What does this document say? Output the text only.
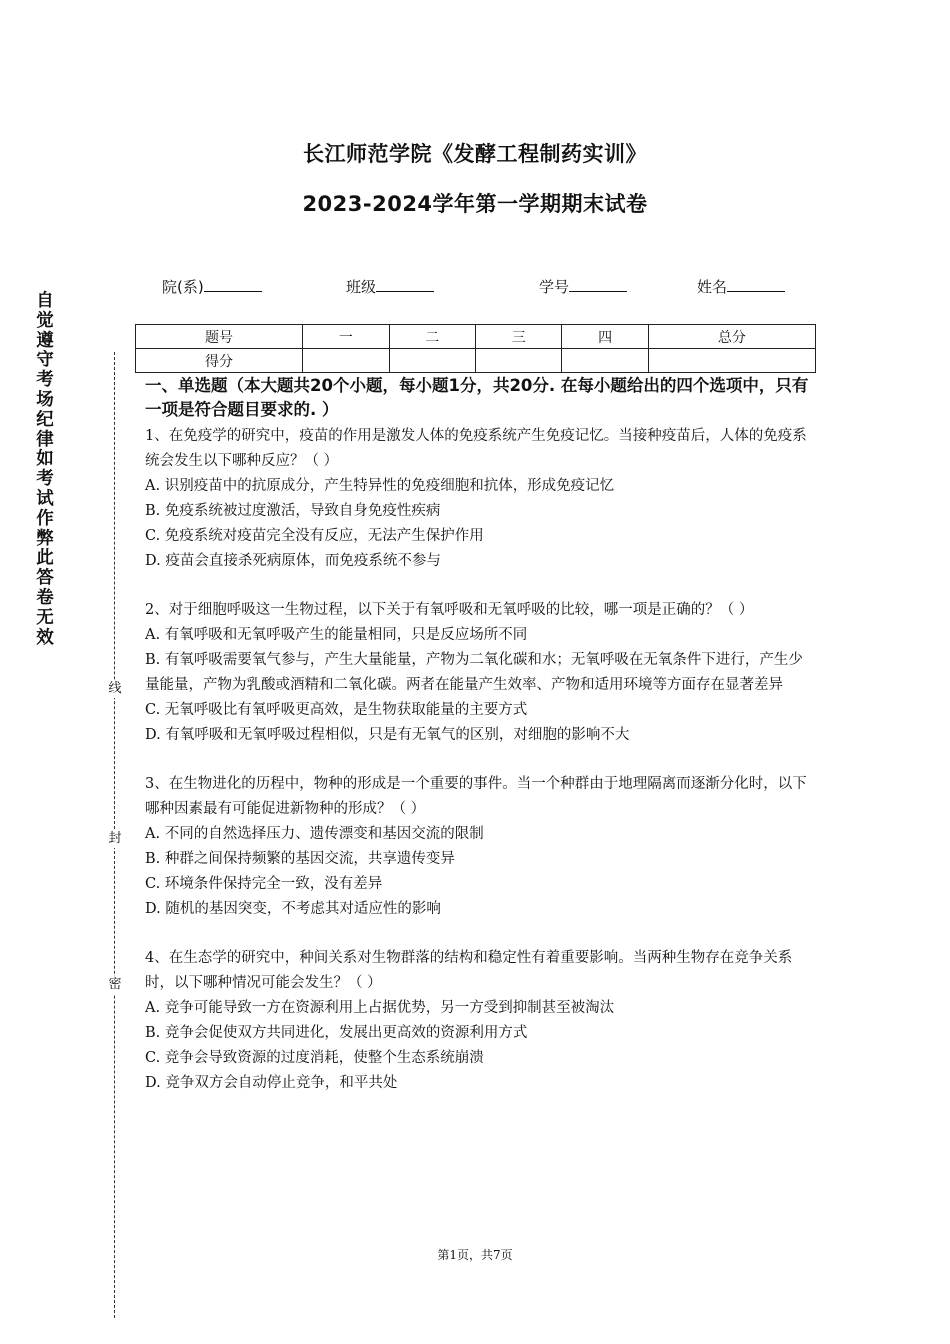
长江师范学院《发酵工程制药实训》
2023-2024学年第一学期期末试卷
院(系)	班级	学号	姓名
题号	一	二	三	四	总分
得分					
自觉遵守考场纪律如考试作弊此答卷无效
线
封
密

一、单选题（本大题共20个小题，每小题1分，共20分. 在每小题给出的四个选项中，只有一项是符合题目要求的. ）

1、在免疫学的研究中，疫苗的作用是激发人体的免疫系统产生免疫记忆。当接种疫苗后，人体的免疫系统会发生以下哪种反应？（ ）

A. 识别疫苗中的抗原成分，产生特异性的免疫细胞和抗体，形成免疫记忆

B. 免疫系统被过度激活，导致自身免疫性疾病

C. 免疫系统对疫苗完全没有反应，无法产生保护作用

D. 疫苗会直接杀死病原体，而免疫系统不参与

2、对于细胞呼吸这一生物过程，以下关于有氧呼吸和无氧呼吸的比较，哪一项是正确的？（ ）

A. 有氧呼吸和无氧呼吸产生的能量相同，只是反应场所不同

B. 有氧呼吸需要氧气参与，产生大量能量，产物为二氧化碳和水；无氧呼吸在无氧条件下进行，产生少量能量，产物为乳酸或酒精和二氧化碳。两者在能量产生效率、产物和适用环境等方面存在显著差异

C. 无氧呼吸比有氧呼吸更高效，是生物获取能量的主要方式

D. 有氧呼吸和无氧呼吸过程相似，只是有无氧气的区别，对细胞的影响不大

3、在生物进化的历程中，物种的形成是一个重要的事件。当一个种群由于地理隔离而逐渐分化时，以下哪种因素最有可能促进新物种的形成？（ ）

A. 不同的自然选择压力、遗传漂变和基因交流的限制

B. 种群之间保持频繁的基因交流，共享遗传变异

C. 环境条件保持完全一致，没有差异

D. 随机的基因突变，不考虑其对适应性的影响

4、在生态学的研究中，种间关系对生物群落的结构和稳定性有着重要影响。当两种生物存在竞争关系时，以下哪种情况可能会发生？（ ）

A. 竞争可能导致一方在资源利用上占据优势，另一方受到抑制甚至被淘汰

B. 竞争会促使双方共同进化，发展出更高效的资源利用方式

C. 竞争会导致资源的过度消耗，使整个生态系统崩溃

D. 竞争双方会自动停止竞争，和平共处

第1页，共7页
